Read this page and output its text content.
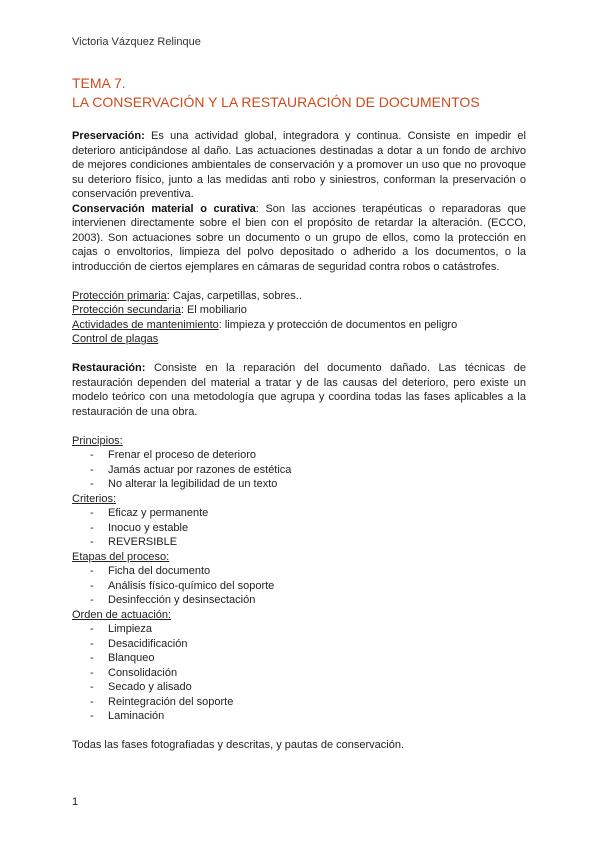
Victoria Vázquez Relinque
TEMA 7.
LA CONSERVACIÓN Y LA RESTAURACIÓN DE DOCUMENTOS

Preservación: Es una actividad global, integradora y continua. Consiste en impedir el deterioro anticipándose al daño. Las actuaciones destinadas a dotar a un fondo de archivo de mejores condiciones ambientales de conservación y a promover un uso que no provoque su deterioro físico, junto a las medidas anti robo y siniestros, conforman la preservación o conservación preventiva.

Conservación material o curativa: Son las acciones terapéuticas o reparadoras que intervienen directamente sobre el bien con el propósito de retardar la alteración. (ECCO, 2003). Son actuaciones sobre un documento o un grupo de ellos, como la protección en cajas o envoltorios, limpieza del polvo depositado o adherido a los documentos, o la introducción de ciertos ejemplares en cámaras de seguridad contra robos o catástrofes.

Protección primaria: Cajas, carpetillas, sobres..
Protección secundaria: El mobiliario
Actividades de mantenimiento: limpieza y protección de documentos en peligro
Control de plagas

Restauración: Consiste en la reparación del documento dañado. Las técnicas de restauración dependen del material a tratar y de las causas del deterioro, pero existe un modelo teórico con una metodología que agrupa y coordina todas las fases aplicables a la restauración de una obra.

Principios:
- Frenar el proceso de deterioro
- Jamás actuar por razones de estética
- No alterar la legibilidad de un texto
Criterios:
- Eficaz y permanente
- Inocuo y estable
- REVERSIBLE
Etapas del proceso:
- Ficha del documento
- Análisis físico-químico del soporte
- Desinfección y desinsectación
Orden de actuación:
- Limpieza
- Desacidificación
- Blanqueo
- Consolidación
- Secado y alisado
- Reintegración del soporte
- Laminación
Todas las fases fotografiadas y descritas, y pautas de conservación.
1
